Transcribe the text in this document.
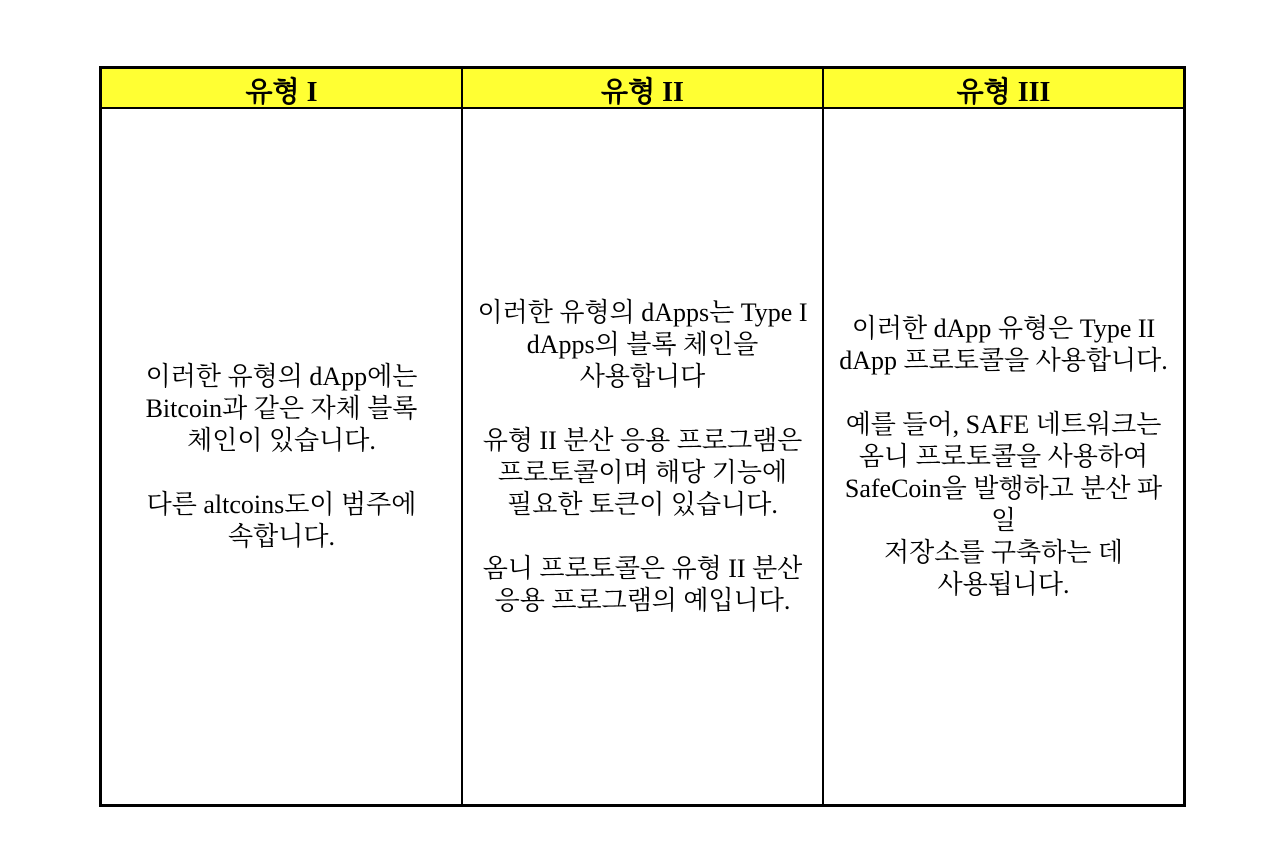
유형 I	유형 II	유형 III

이러한 유형의 dApp에는
Bitcoin과 같은 자체 블록
체인이 있습니다.

다른 altcoins도이 범주에
속합니다.

이러한 유형의 dApps는 Type I
dApps의 블록 체인을
사용합니다

유형 II 분산 응용 프로그램은
프로토콜이며 해당 기능에
필요한 토큰이 있습니다.

옴니 프로토콜은 유형 II 분산
응용 프로그램의 예입니다.

이러한 dApp 유형은 Type II
dApp 프로토콜을 사용합니다.

예를 들어, SAFE 네트워크는
옴니 프로토콜을 사용하여
SafeCoin을 발행하고 분산 파일
저장소를 구축하는 데
사용됩니다.
